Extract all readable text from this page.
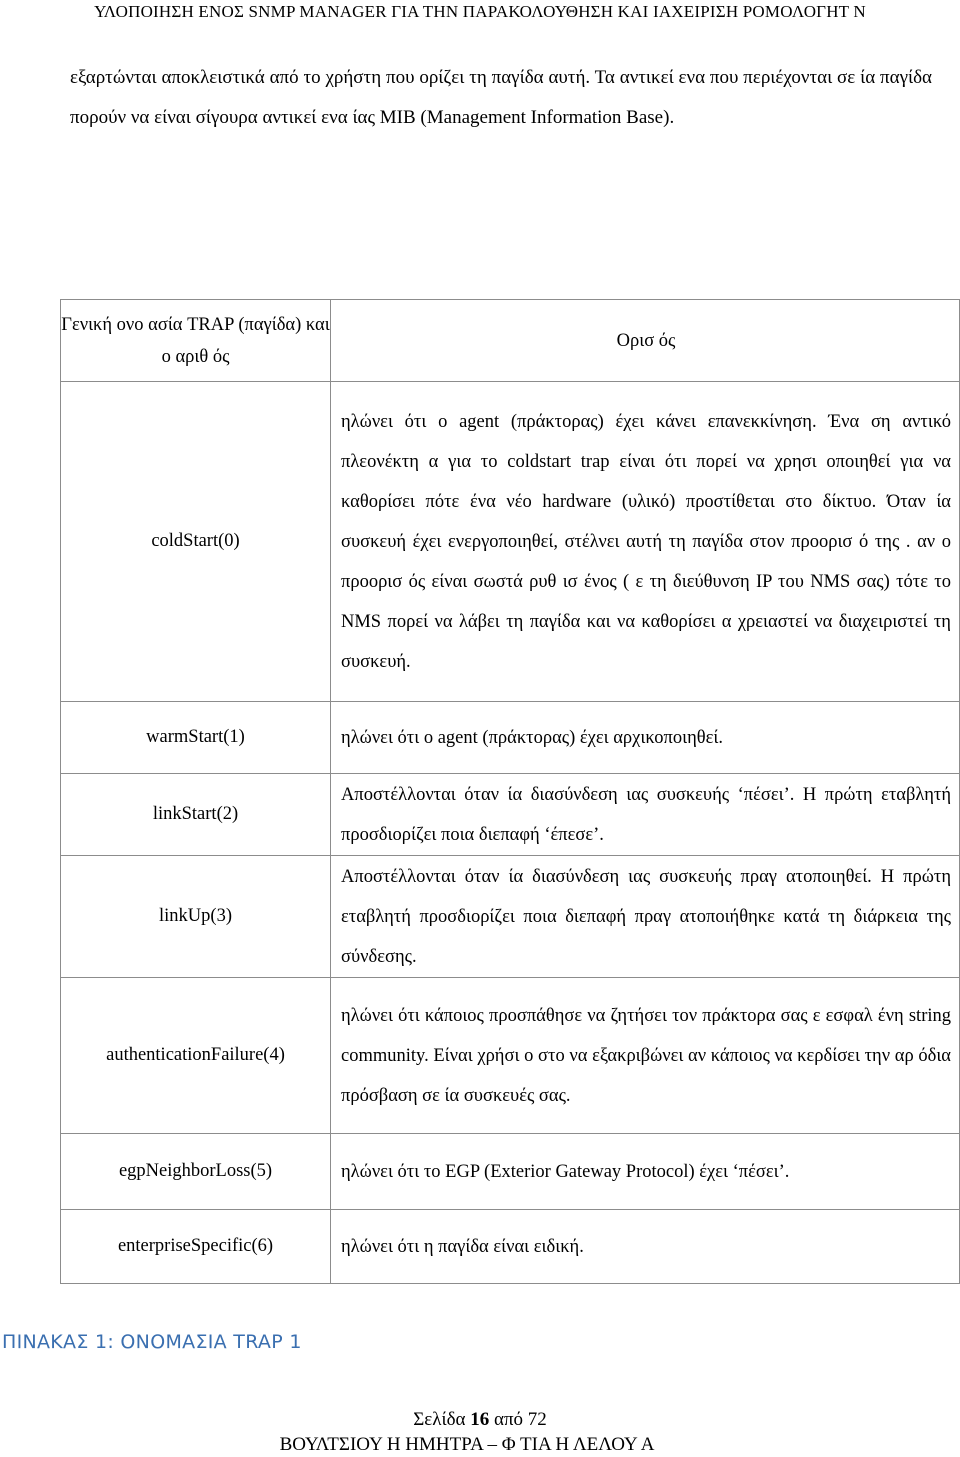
ΥΛΟΠΟΙΗΣΗ ΕΝΟΣ SNMP MANAGER ΓΙΑ ΤΗΝ ΠΑΡΑΚΟΛΟΥΘΗΣΗ ΚΑΙ ΙΑΧΕΙΡΙΣΗ ΡΟΜΟΛΟΓΗΤ Ν

εξαρτώνται αποκλειστικά από το χρήστη που ορίζει τη παγίδα αυτή. Τα αντικεί ενα που περιέχονται σε ία παγίδα πορούν να είναι σίγουρα αντικεί ενα ίας MIB (Management Information Base).

Γενική ονο ασία TRAP (παγίδα) και ο αριθ ός	Ορισ ός
coldStart(0)	ηλώνει ότι ο agent (πράκτορας) έχει κάνει επανεκκίνηση. Ένα ση αντικό πλεονέκτη α για το coldstart trap είναι ότι πορεί να χρησι οποιηθεί για να καθορίσει πότε ένα νέο hardware (υλικό) προστίθεται στο δίκτυο. Όταν ία συσκευή έχει ενεργοποιηθεί, στέλνει αυτή τη παγίδα στον προορισ ό της . αν ο προορισ ός είναι σωστά ρυθ ισ ένος ( ε τη διεύθυνση IP του NMS σας) τότε το NMS πορεί να λάβει τη παγίδα και να καθορίσει α χρειαστεί να διαχειριστεί τη συσκευή.
warmStart(1)	ηλώνει ότι ο agent (πράκτορας) έχει αρχικοποιηθεί.
linkStart(2)	Αποστέλλονται όταν ία διασύνδεση ιας συσκευής ‘πέσει’. Η πρώτη εταβλητή προσδιορίζει ποια διεπαφή ‘έπεσε’.
linkUp(3)	Αποστέλλονται όταν ία διασύνδεση ιας συσκευής πραγ ατοποιηθεί. Η πρώτη εταβλητή προσδιορίζει ποια διεπαφή πραγ ατοποιήθηκε κατά τη διάρκεια της σύνδεσης.
authenticationFailure(4)	ηλώνει ότι κάποιος προσπάθησε να ζητήσει τον πράκτορα σας ε εσφαλ ένη string community. Είναι χρήσι ο στο να εξακριβώνει αν κάποιος να κερδίσει την αρ όδια πρόσβαση σε ία συσκευές σας.
egpNeighborLoss(5)	ηλώνει ότι το EGP (Exterior Gateway Protocol) έχει ‘πέσει’.
enterpriseSpecific(6)	ηλώνει ότι η παγίδα είναι ειδική.
ΠΙΝΑΚΑΣ 1: ΟΝΟΜΑΣΙΑ TRAP 1
Σελίδα 16 από 72
ΒΟΥΛΤΣΙΟΥ Η ΗΜΗΤΡΑ – Φ ΤΙΑ Η ΛΕΛΟΥ Α
